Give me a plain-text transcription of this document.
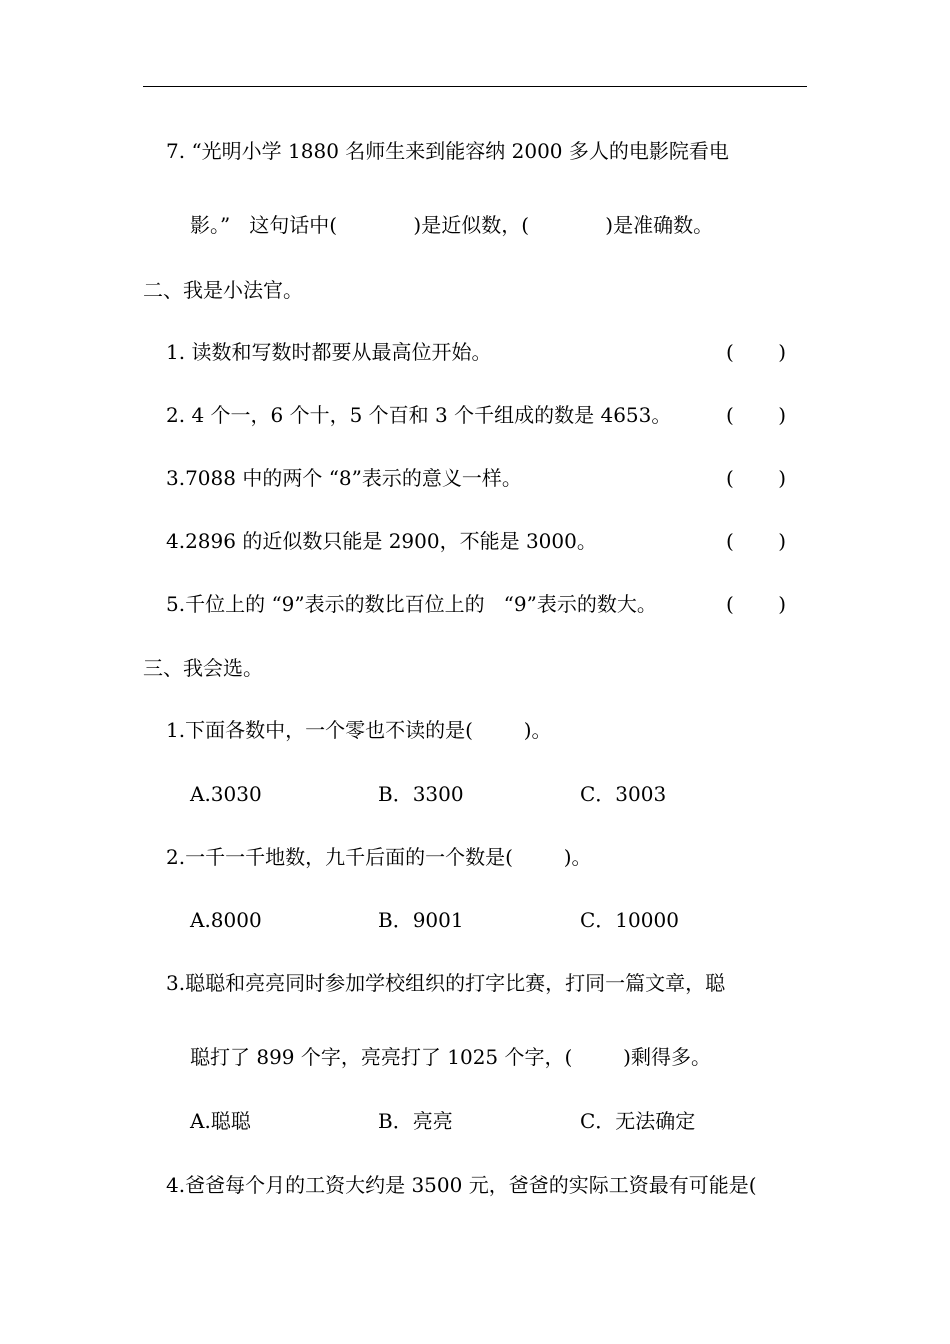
7. “光明小学 1880 名师生来到能容纳 2000 多人的电影院看电
影。”   这句话中(            )是近似数，(            )是准确数。
二、我是小法官。
1. 读数和写数时都要从最高位开始。	( )
2. 4 个一，6 个十，5 个百和 3 个千组成的数是 4653。	( )
3.7088 中的两个 “8”表示的意义一样。	( )
4.2896 的近似数只能是 2900，不能是 3000。	( )
5.千位上的 “9”表示的数比百位上的   “9”表示的数大。	( )
三、我会选。
1.下面各数中，一个零也不读的是(        )。
A.3030	B．3300	C．3003
2.一千一千地数，九千后面的一个数是(        )。
A.8000	B．9001	C．10000
3.聪聪和亮亮同时参加学校组织的打字比赛，打同一篇文章，聪
聪打了 899 个字，亮亮打了 1025 个字，(        )剩得多。
A.聪聪	B．亮亮	C．无法确定
4.爸爸每个月的工资大约是 3500 元，爸爸的实际工资最有可能是(
